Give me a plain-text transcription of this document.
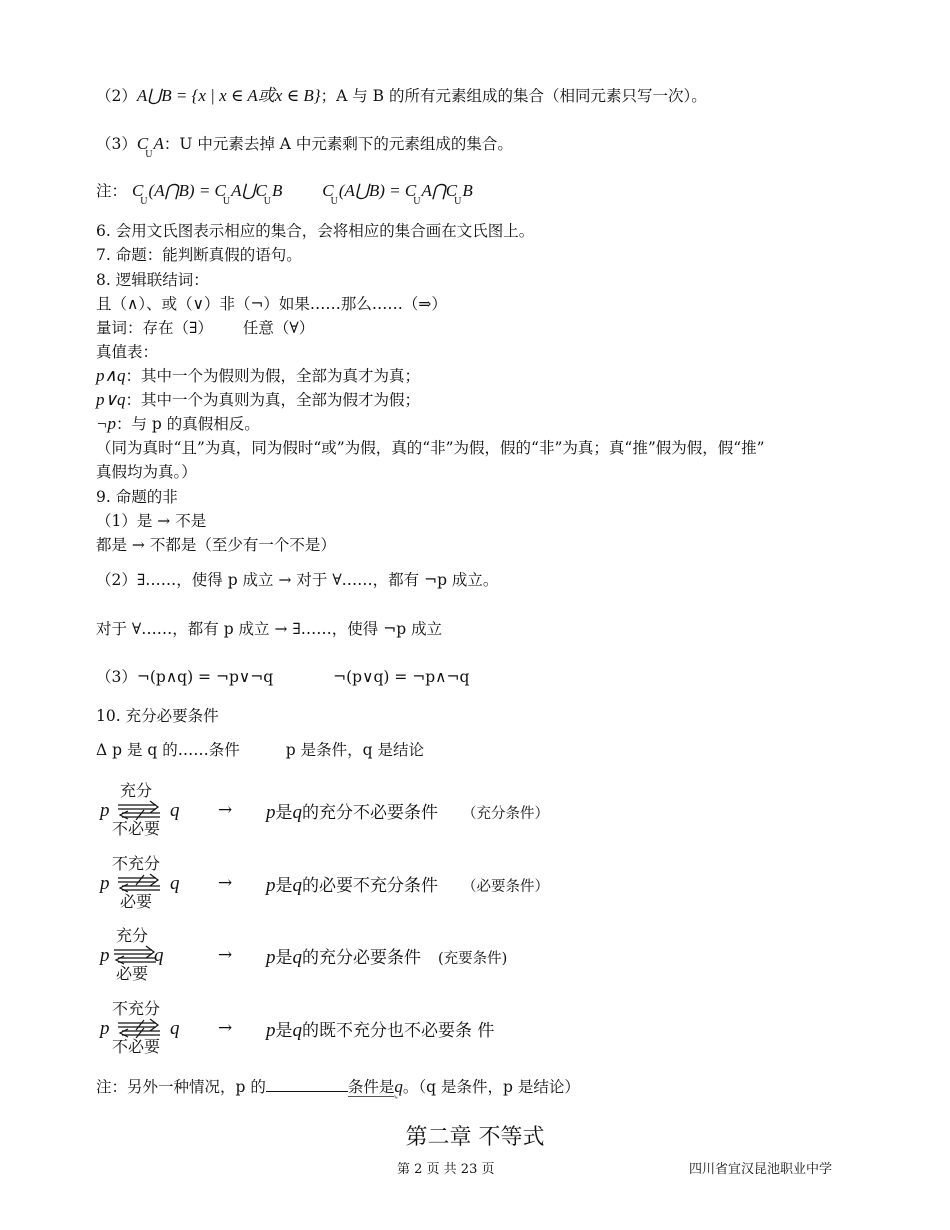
（2）A⋃B = {x | x ∈ A或x ∈ B}；A 与 B 的所有元素组成的集合（相同元素只写一次）。
$(3)C_UA$：U 中元素去掉 A 中元素剩下的元素组成的集合。
注： $C_U(A⋂B)$ = $C_UA⋃C_UB$ $C_U(A⋃B)$ = $C_UA⋂C_UB$
6. 会用文氏图表示相应的集合，会将相应的集合画在文氏图上。
7. 命题：能判断真假的语句。
8. 逻辑联结词：
且（∧）、或（∨）非（¬）如果……那么……（⇒）
量词：存在（∃） 任意（∀）
真值表：
p∧q：其中一个为假则为假，全部为真才为真；
p∨q：其中一个为真则为真，全部为假才为假；
¬p：与 p 的真假相反。
（同为真时“且”为真，同为假时“或”为假，真的“非”为假，假的“非”为真；真“推”假为假，假“推”
真假均为真。）
9. 命题的非
（1）是 → 不是
都是 → 不都是（至少有一个不是）
（2）∃……，使得 p 成立 → 对于 ∀……，都有 ¬p 成立。
对于 ∀……，都有 p 成立 → ∃……，使得 ¬p 成立
（3）¬(p∧q) = ¬p∨¬q	¬(p∨q) = ¬p∧¬q
10. 充分必要条件
Δ p 是 q 的……条件	p 是条件，q 是结论
p
充分
不必要
q → p是q的充分不必要条件 （充分条件）
p
不充分
必要
q → p是q的必要不充分条件 （必要条件）
p
充分
必要
q	→ p是q的充分必要条件 (充要条件)
p
不充分
不必要
q → p是q的既不充分也不必要条 件
注：另外一种情况，p 的	条件是q。（q 是条件，p 是结论）
第二章 不等式
第 2 页 共 23 页	四川省宜汉昆池职业中学
